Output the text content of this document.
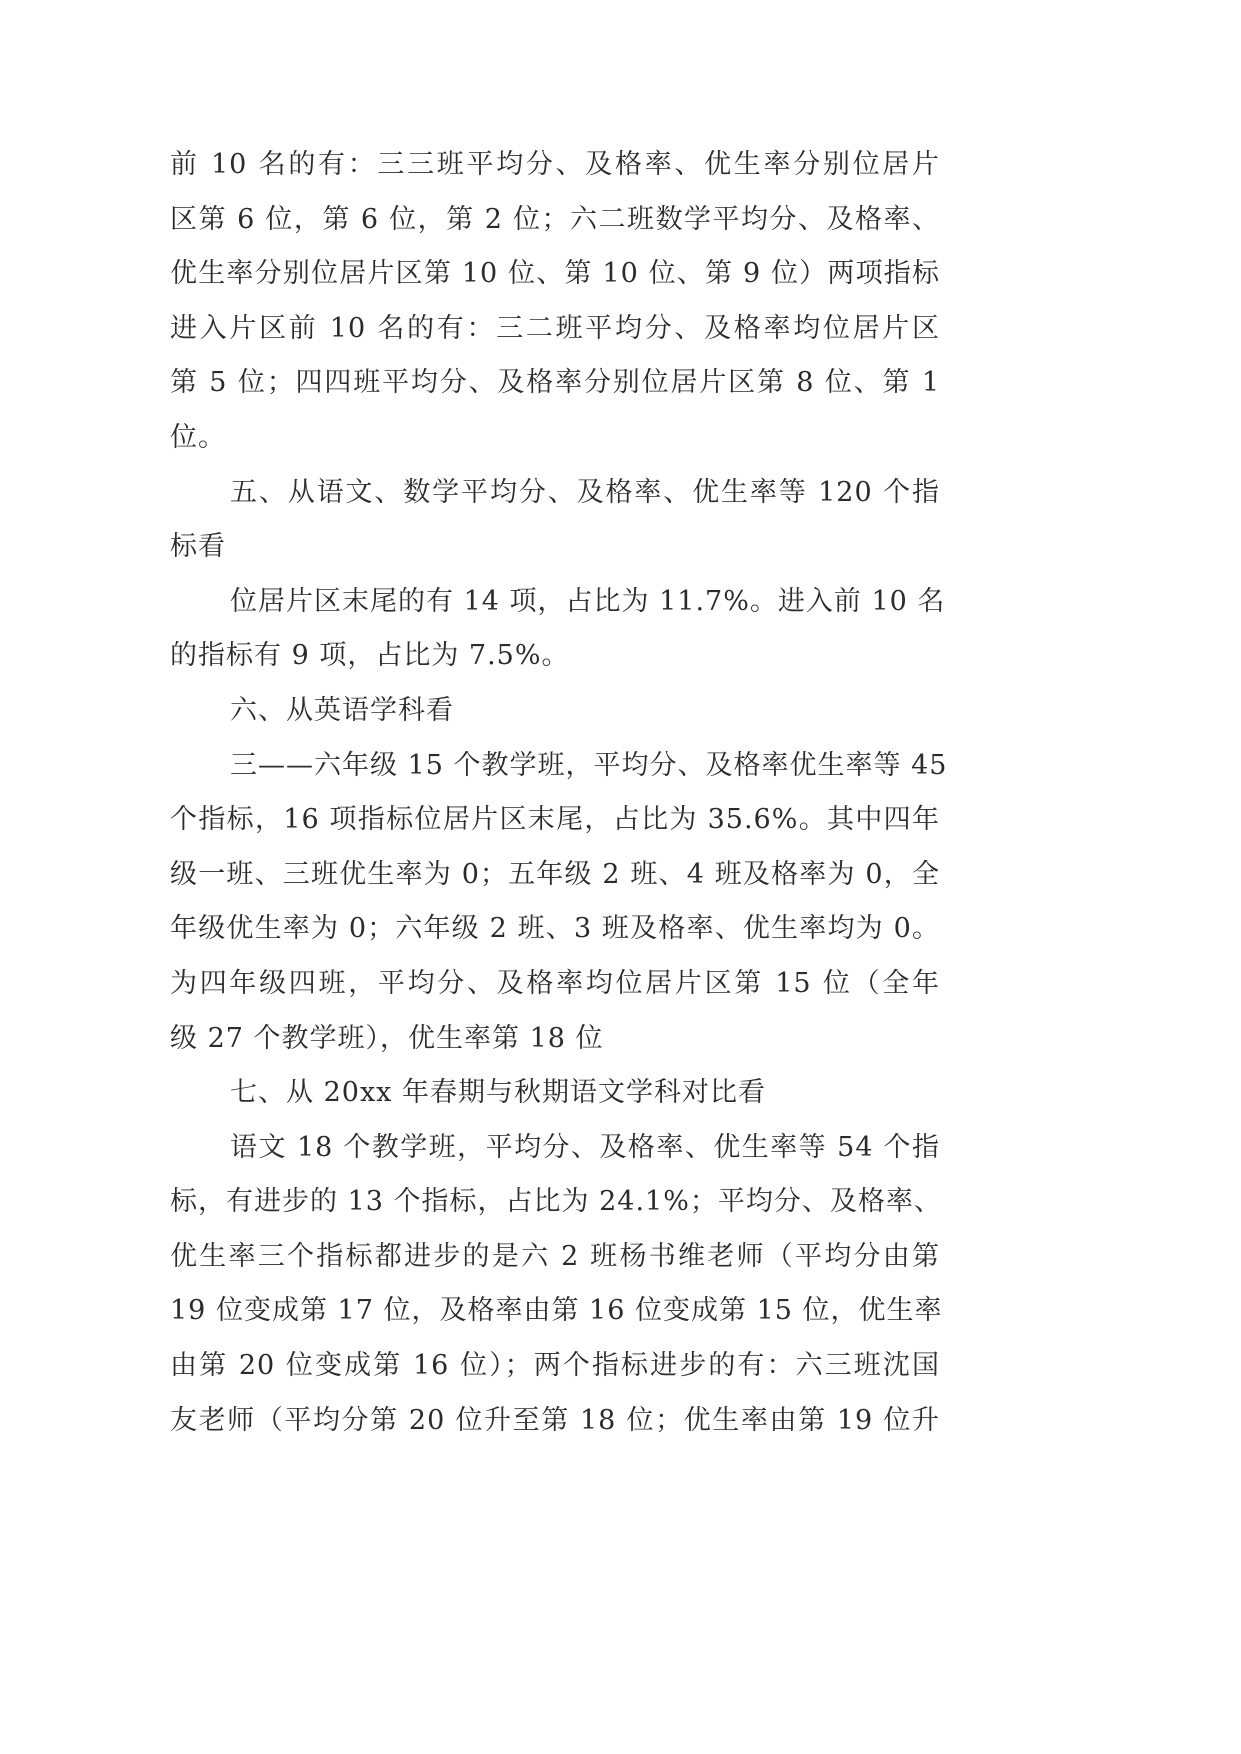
前 10 名的有：三三班平均分、及格率、优生率分别位居片
区第 6 位，第 6 位，第 2 位；六二班数学平均分、及格率、
优生率分别位居片区第 10 位、第 10 位、第 9 位）两项指标
进入片区前 10 名的有：三二班平均分、及格率均位居片区
第 5 位；四四班平均分、及格率分别位居片区第 8 位、第 1
位。
五、从语文、数学平均分、及格率、优生率等 120 个指
标看
位居片区末尾的有 14 项，占比为 11.7%。进入前 10 名
的指标有 9 项，占比为 7.5%。
六、从英语学科看
三——六年级 15 个教学班，平均分、及格率优生率等 45
个指标，16 项指标位居片区末尾，占比为 35.6%。其中四年
级一班、三班优生率为 0；五年级 2 班、4 班及格率为 0，全
年级优生率为 0；六年级 2 班、3 班及格率、优生率均为 0。
为四年级四班，平均分、及格率均位居片区第 15 位（全年
级 27 个教学班），优生率第 18 位
七、从 20xx 年春期与秋期语文学科对比看
语文 18 个教学班，平均分、及格率、优生率等 54 个指
标，有进步的 13 个指标，占比为 24.1%；平均分、及格率、
优生率三个指标都进步的是六 2 班杨书维老师（平均分由第
19 位变成第 17 位，及格率由第 16 位变成第 15 位，优生率
由第 20 位变成第 16 位）；两个指标进步的有：六三班沈国
友老师（平均分第 20 位升至第 18 位；优生率由第 19 位升
